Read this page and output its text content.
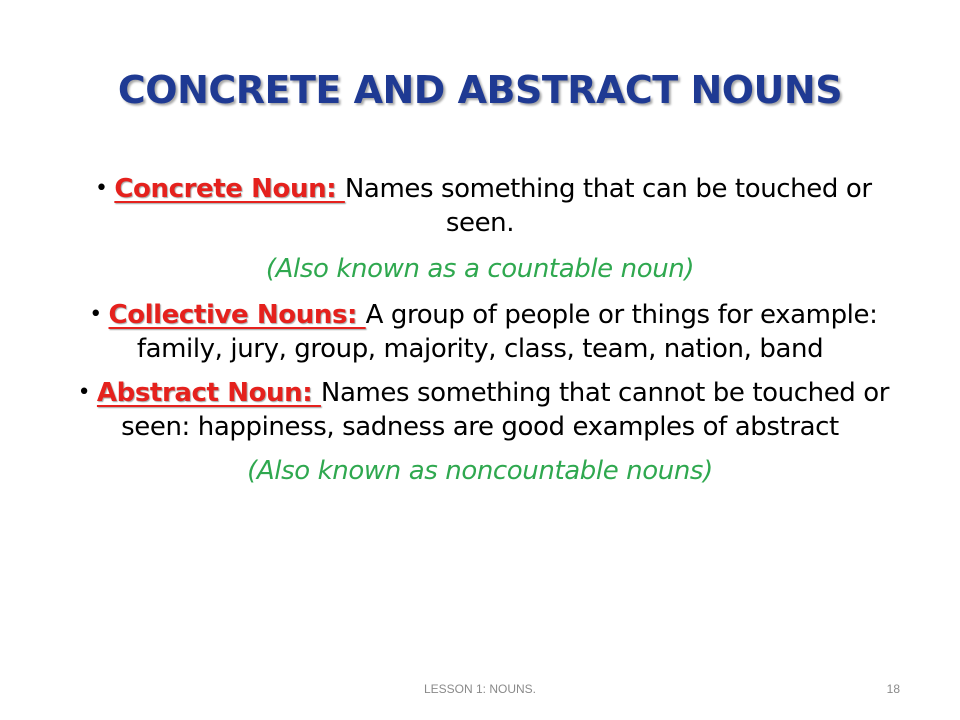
CONCRETE AND ABSTRACT NOUNS

• Concrete Noun: Names something that can be touched or seen.

(Also known as a countable noun)

• Collective Nouns: A group of people or things for example: family, jury, group, majority, class, team, nation, band

• Abstract Noun: Names something that cannot be touched or seen: happiness, sadness are good examples of abstract

(Also known as noncountable nouns)

LESSON 1: NOUNS.	18
